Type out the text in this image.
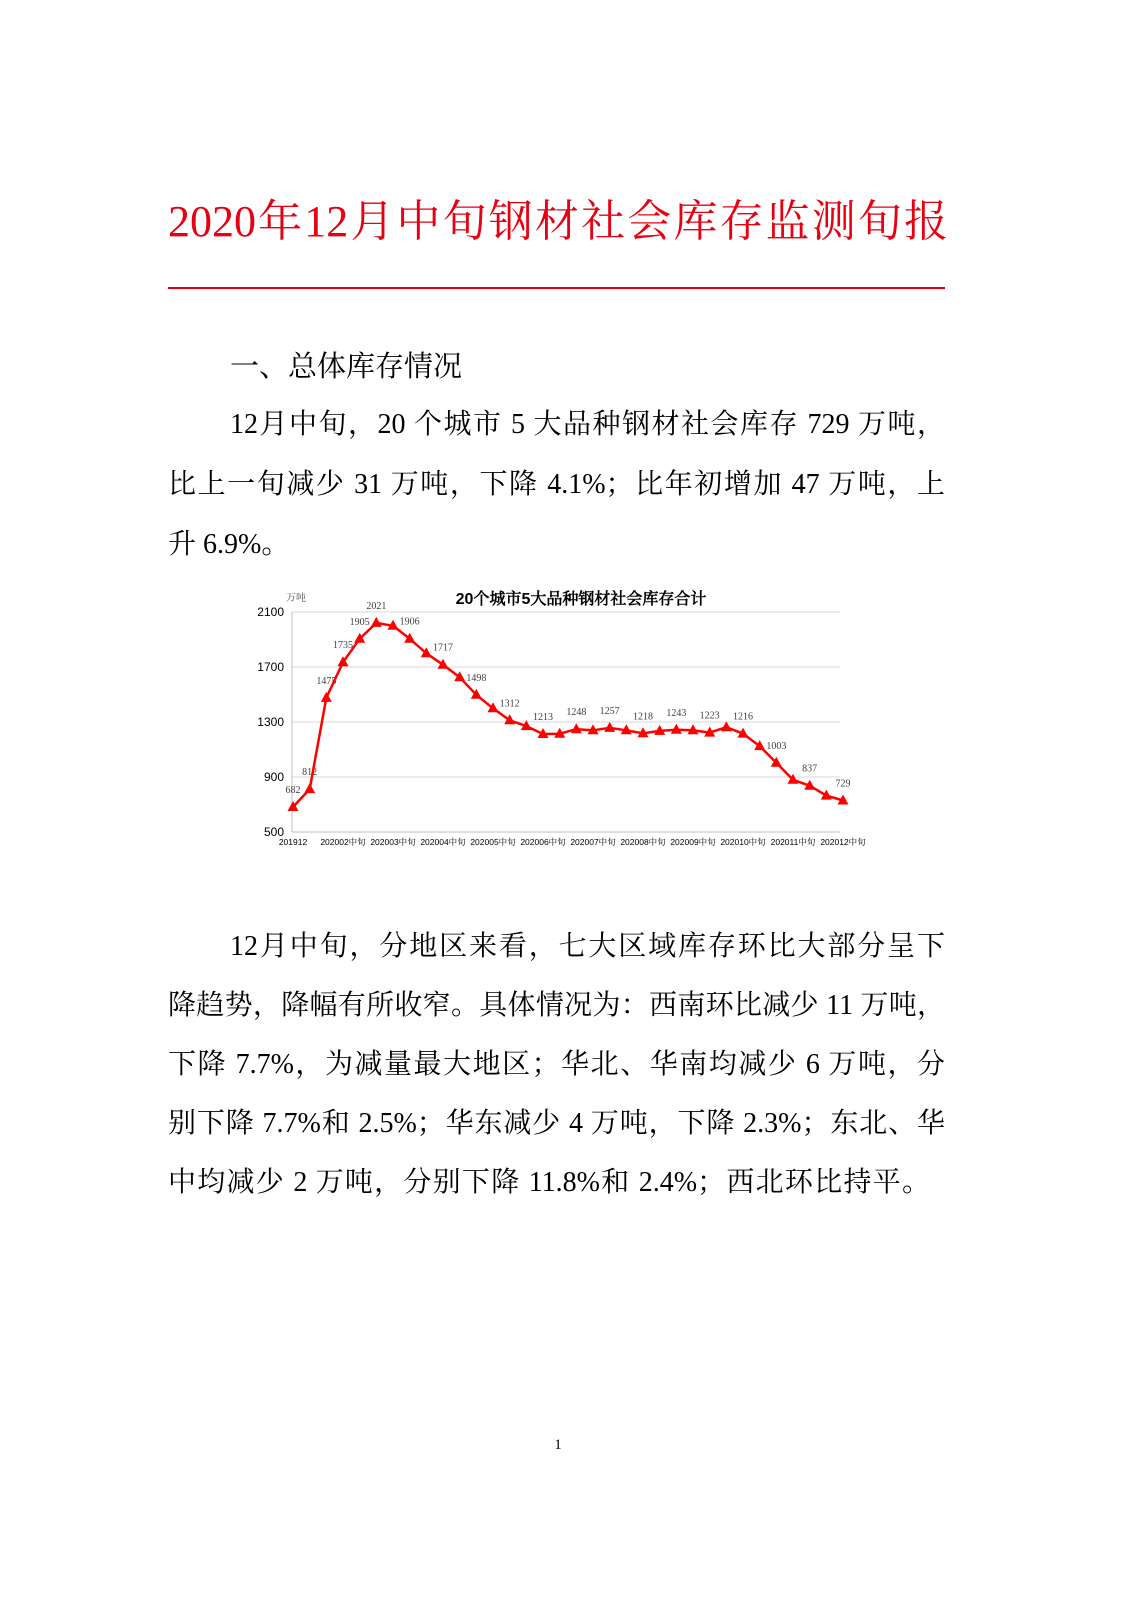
2020年12月中旬钢材社会库存监测旬报
一、总体库存情况
12月中旬，20 个城市 5 大品种钢材社会库存 729 万吨，
比上一旬减少 31 万吨，下降 4.1%；比年初增加 47 万吨，上
升 6.9%。
20个城市5大品种钢材社会库存合计
万吨
2100
1700
1300
900
500
201912 202002中旬 202003中旬 202004中旬 202005中旬 202006中旬 202007中旬 202008中旬 202009中旬 202010中旬 202011中旬 202012中旬
682
812
1475
1735
1905
2021
1906
1717
1498
1312
1213 1248 1257 1218 1243 1223 1216
1003
837
729
12月中旬，分地区来看，七大区域库存环比大部分呈下
降趋势，降幅有所收窄。具体情况为：西南环比减少 11 万吨，
下降 7.7%，为减量最大地区；华北、华南均减少 6 万吨，分
别下降 7.7%和 2.5%；华东减少 4 万吨，下降 2.3%；东北、华
中均减少 2 万吨，分别下降 11.8%和 2.4%；西北环比持平。
1
